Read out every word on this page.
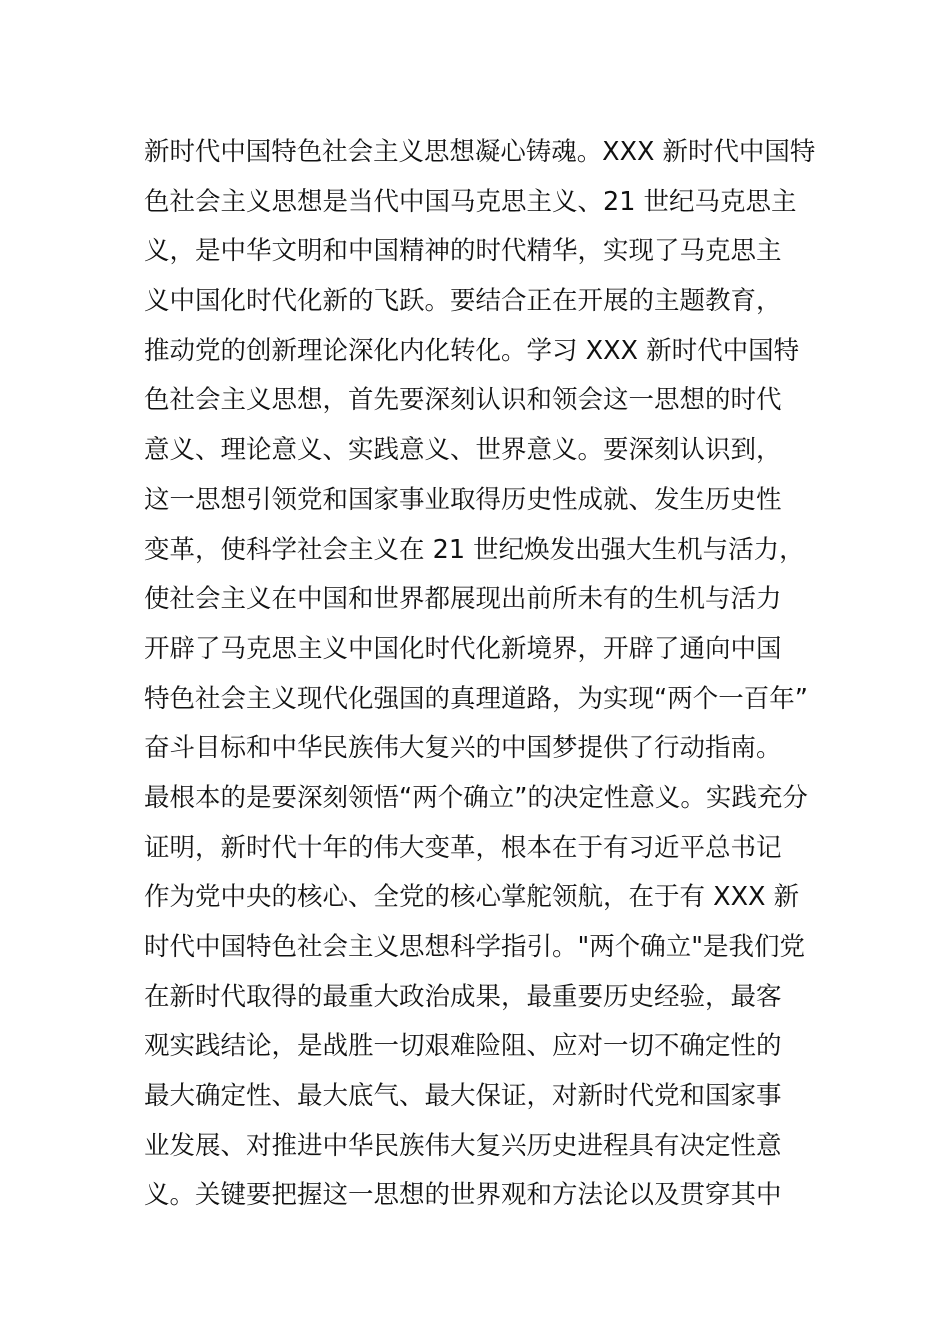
新时代中国特色社会主义思想凝心铸魂。XXX 新时代中国特
色社会主义思想是当代中国马克思主义、21 世纪马克思主
义，是中华文明和中国精神的时代精华，实现了马克思主
义中国化时代化新的飞跃。要结合正在开展的主题教育，
推动党的创新理论深化内化转化。学习 XXX 新时代中国特
色社会主义思想，首先要深刻认识和领会这一思想的时代
意义、理论意义、实践意义、世界意义。要深刻认识到，
这一思想引领党和国家事业取得历史性成就、发生历史性
变革，使科学社会主义在 21 世纪焕发出强大生机与活力，
使社会主义在中国和世界都展现出前所未有的生机与活力
开辟了马克思主义中国化时代化新境界，开辟了通向中国
特色社会主义现代化强国的真理道路，为实现“两个一百年”
奋斗目标和中华民族伟大复兴的中国梦提供了行动指南。
最根本的是要深刻领悟“两个确立”的决定性意义。实践充分
证明，新时代十年的伟大变革，根本在于有习近平总书记
作为党中央的核心、全党的核心掌舵领航，在于有 XXX 新
时代中国特色社会主义思想科学指引。"两个确立"是我们党
在新时代取得的最重大政治成果，最重要历史经验，最客
观实践结论，是战胜一切艰难险阻、应对一切不确定性的
最大确定性、最大底气、最大保证，对新时代党和国家事
业发展、对推进中华民族伟大复兴历史进程具有决定性意
义。关键要把握这一思想的世界观和方法论以及贯穿其中
